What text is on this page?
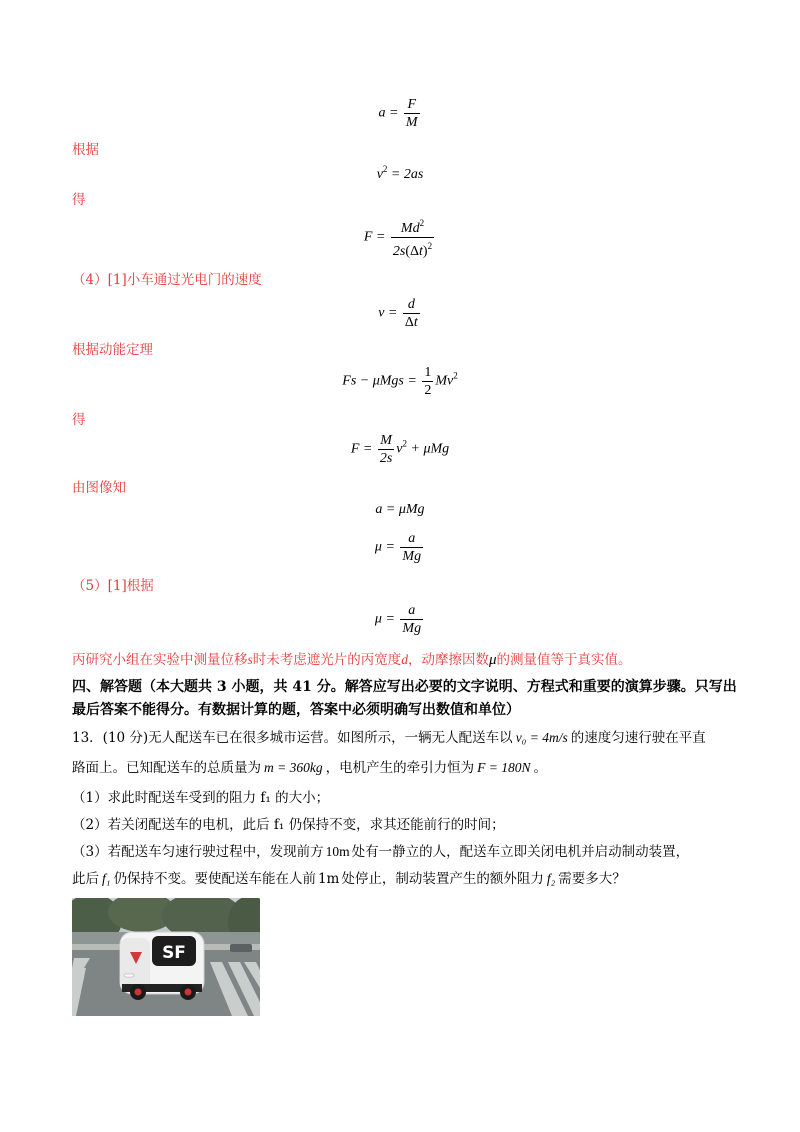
$a = \frac{F}{M}$
根据
$v^2 = 2as$
得
$F = \frac{Md^2}{2s(\Delta t)^2}$
（4）[1]小车通过光电门的速度
$v = \frac{d}{\Delta t}$
根据动能定理
$Fs - \mu Mgs = \frac{1}{2} Mv^2$
得
$F = \frac{M}{2s} v^2 + \mu Mg$
由图像知
a = μMg
$\mu = \frac{a}{Mg}$
（5）[1]根据
$\mu = \frac{a}{Mg}$
丙研究小组在实验中测量位移s时未考虑遮光片的丙宽度d，动摩擦因数μ的测量值等于真实值。
四、解答题（本大题共 3 小题，共 41 分。解答应写出必要的文字说明、方程式和重要的演算步骤。只写出
最后答案不能得分。有数据计算的题，答案中必须明确写出数值和单位）
13．(10 分)无人配送车已在很多城市运营。如图所示，一辆无人配送车以 v₀ = 4m/s 的速度匀速行驶在平直
路面上。已知配送车的总质量为 m = 360kg ，电机产生的牵引力恒为 F = 180N 。
（1）求此时配送车受到的阻力 f₁ 的大小；
（2）若关闭配送车的电机，此后 f₁ 仍保持不变，求其还能前行的时间；
（3）若配送车匀速行驶过程中，发现前方 10m 处有一静立的人，配送车立即关闭电机并启动制动装置，
此后 f₁ 仍保持不变。要使配送车能在人前 1m 处停止，制动装置产生的额外阻力 f₂ 需要多大？
SF
